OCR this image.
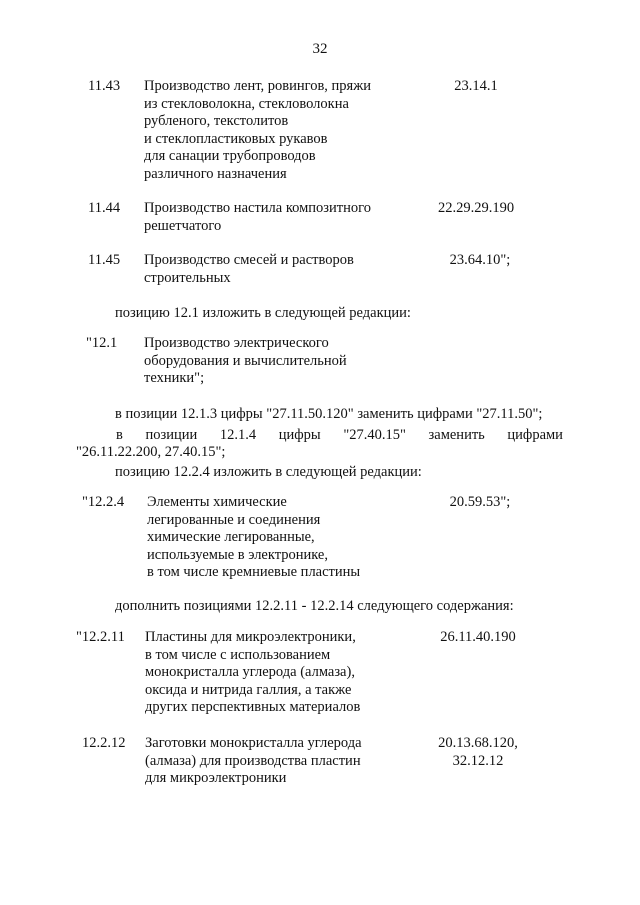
32
11.43 Производство лент, ровингов, пряжи
из стекловолокна, стекловолокна
рубленого, текстолитов
и стеклопластиковых рукавов
для санации трубопроводов
различного назначения
23.14.1
11.44 Производство настила композитного
решетчатого
22.29.29.190
11.45 Производство смесей и растворов
строительных
23.64.10";
позицию 12.1 изложить в следующей редакции:
"12.1 Производство электрического
оборудования и вычислительной
техники";
в позиции 12.1.3 цифры "27.11.50.120" заменить цифрами "27.11.50";
в позиции 12.1.4 цифры "27.40.15" заменить цифрами
"26.11.22.200, 27.40.15";
позицию 12.2.4 изложить в следующей редакции:
"12.2.4 Элементы химические
легированные и соединения
химические легированные,
используемые в электронике,
в том числе кремниевые пластины
20.59.53";
дополнить позициями 12.2.11 - 12.2.14 следующего содержания:
"12.2.11 Пластины для микроэлектроники,
в том числе с использованием
монокристалла углерода (алмаза),
оксида и нитрида галлия, а также
других перспективных материалов
26.11.40.190
12.2.12 Заготовки монокристалла углерода
(алмаза) для производства пластин
для микроэлектроники
20.13.68.120,
32.12.12
